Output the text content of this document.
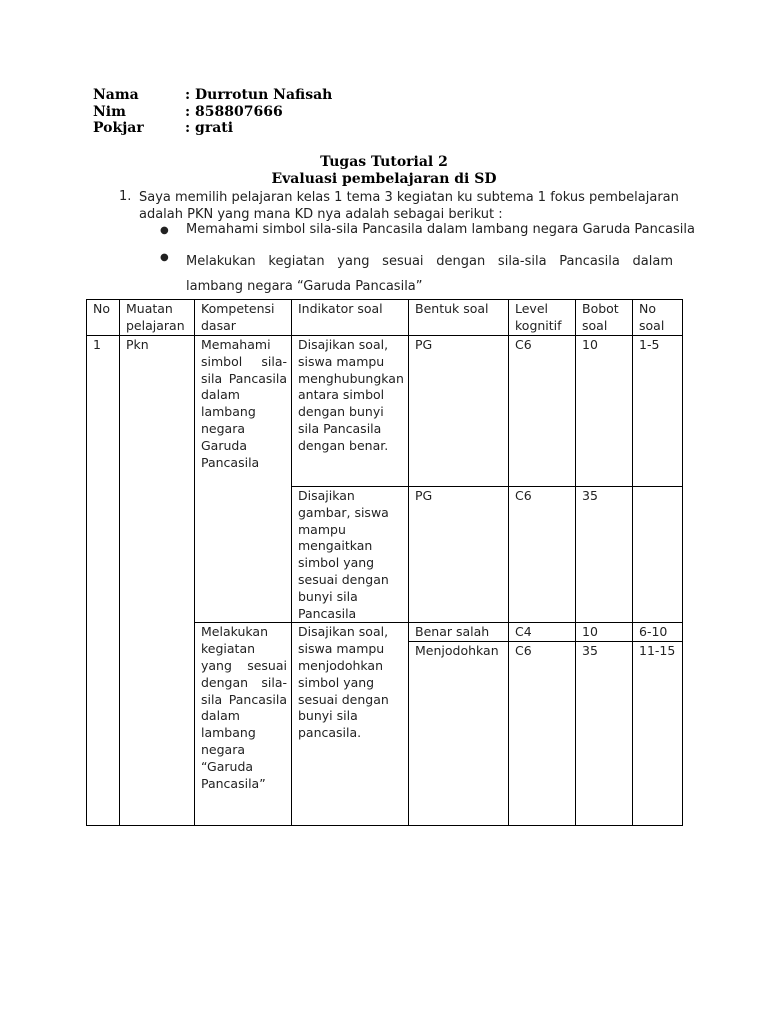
Nama	: Durrotun Nafisah
Nim	: 858807666
Pokjar	: grati
Tugas Tutorial 2
Evaluasi pembelajaran di SD
1. Saya memilih pelajaran kelas 1 tema 3 kegiatan ku subtema 1 fokus pembelajaran adalah PKN yang mana KD nya adalah sebagai berikut :
● Memahami simbol sila-sila Pancasila dalam lambang negara Garuda Pancasila
● Melakukan kegiatan yang sesuai dengan sila-sila Pancasila dalam lambang negara “Garuda Pancasila”
No	Muatan pelajaran	Kompetensi dasar	Indikator soal	Bentuk soal	Level kognitif	Bobot soal	No soal
1	Pkn	Memahami simbol sila-sila Pancasila dalam lambang negara Garuda Pancasila	Disajikan soal, siswa mampu menghubungkan antara simbol dengan bunyi sila Pancasila dengan benar.	PG	C6	10	1-5
			Disajikan gambar, siswa mampu mengaitkan simbol yang sesuai dengan bunyi sila Pancasila	PG	C6	35	
		Melakukan kegiatan yang sesuai dengan sila-sila Pancasila dalam lambang negara “Garuda Pancasila”	Disajikan soal, siswa mampu menjodohkan simbol yang sesuai dengan bunyi sila pancasila.	Benar salah	C4	10	6-10
				Menjodohkan	C6	35	11-15
